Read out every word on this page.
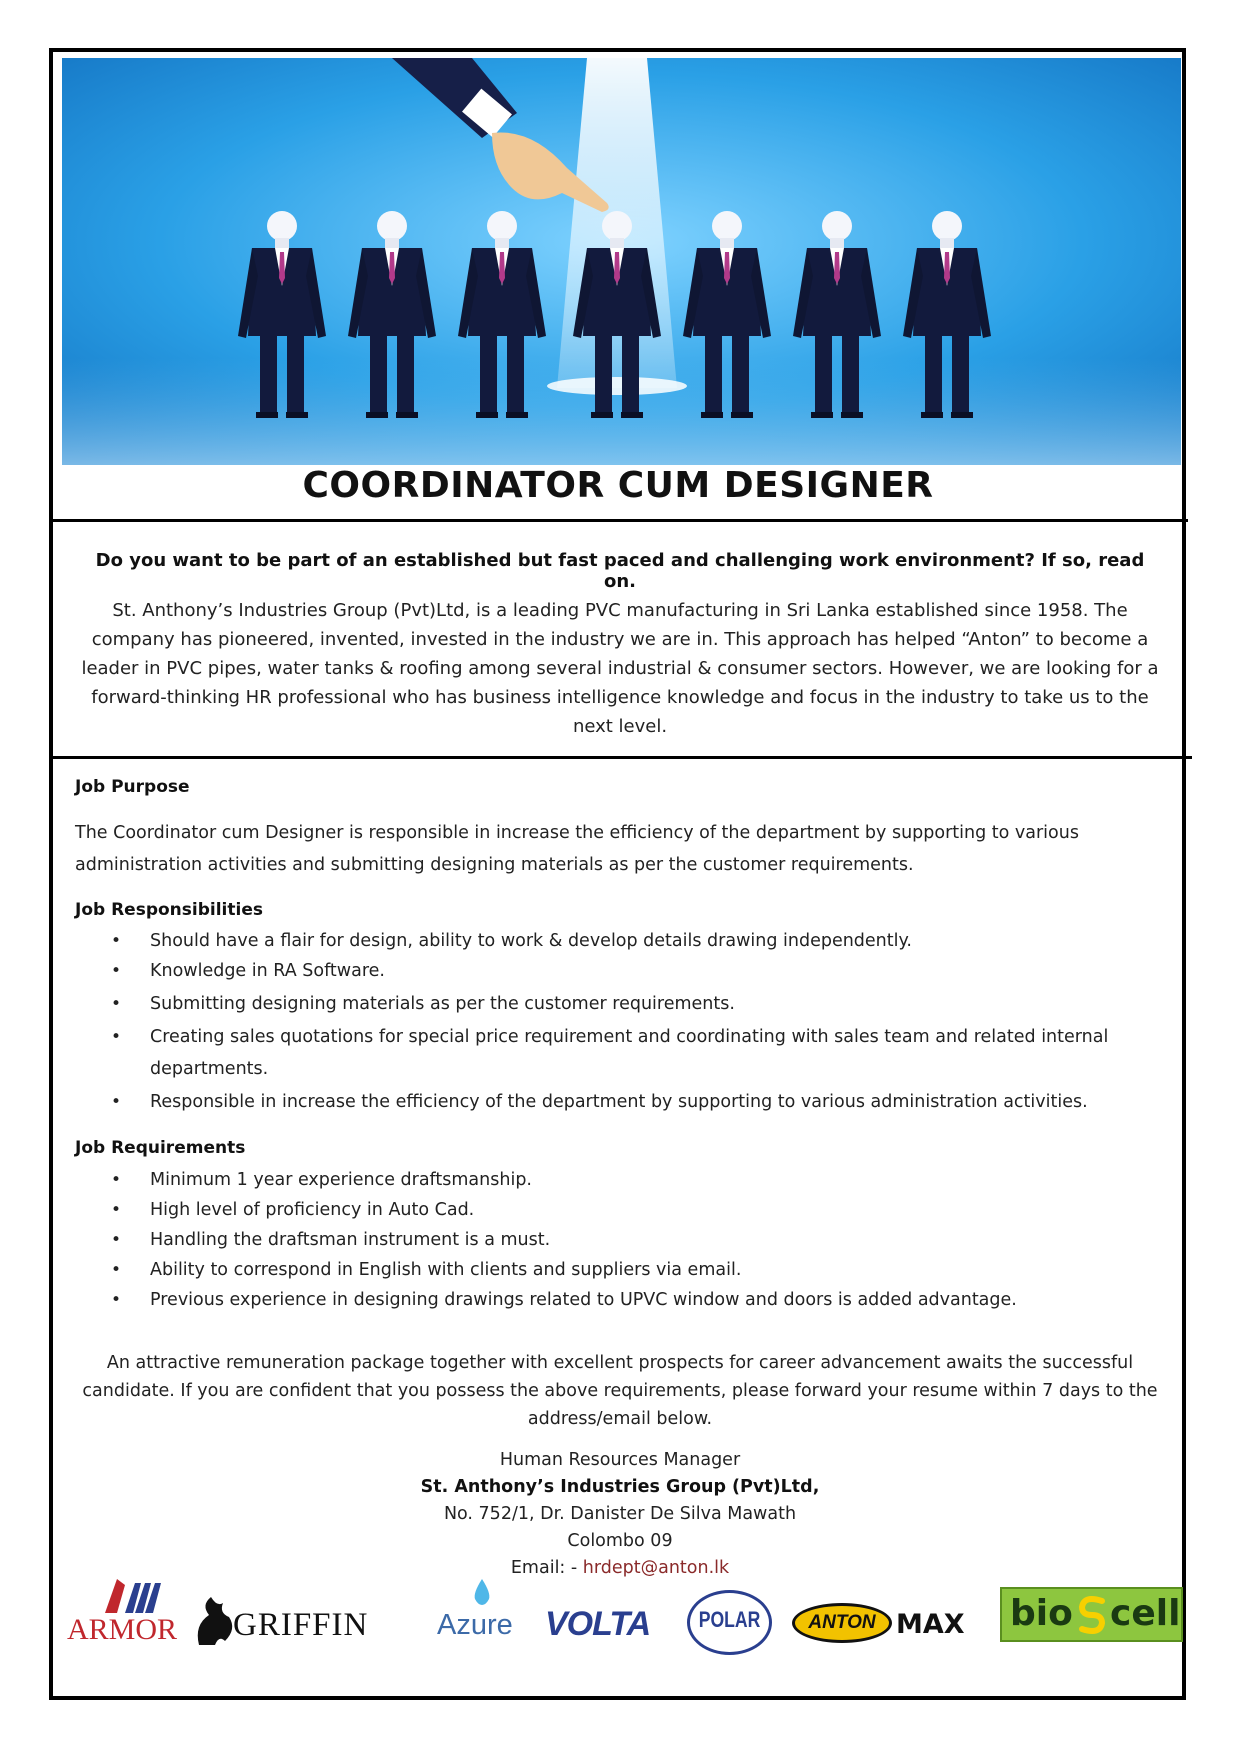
COORDINATOR CUM DESIGNER
Do you want to be part of an established but fast paced and challenging work environment? If so, read on.
St. Anthony’s Industries Group (Pvt)Ltd, is a leading PVC manufacturing in Sri Lanka established since 1958. The company has pioneered, invented, invested in the industry we are in. This approach has helped “Anton” to become a leader in PVC pipes, water tanks & roofing among several industrial & consumer sectors. However, we are looking for a forward-thinking HR professional who has business intelligence knowledge and focus in the industry to take us to the next level.
Job Purpose
The Coordinator cum Designer is responsible in increase the efficiency of the department by supporting to various administration activities and submitting designing materials as per the customer requirements.
Job Responsibilities
• Should have a flair for design, ability to work & develop details drawing independently.
• Knowledge in RA Software.
• Submitting designing materials as per the customer requirements.
• Creating sales quotations for special price requirement and coordinating with sales team and related internal departments.
• Responsible in increase the efficiency of the department by supporting to various administration activities.
Job Requirements
• Minimum 1 year experience draftsmanship.
• High level of proficiency in Auto Cad.
• Handling the draftsman instrument is a must.
• Ability to correspond in English with clients and suppliers via email.
• Previous experience in designing drawings related to UPVC window and doors is added advantage.
An attractive remuneration package together with excellent prospects for career advancement awaits the successful candidate. If you are confident that you possess the above requirements, please forward your resume within 7 days to the address/email below.
Human Resources Manager
St. Anthony’s Industries Group (Pvt)Ltd,
No. 752/1, Dr. Danister De Silva Mawath
Colombo 09
Email: - hrdept@anton.lk
ARMOR GRIFFIN Azure VOLTA	POLAR	ANTON MAX bio cell
